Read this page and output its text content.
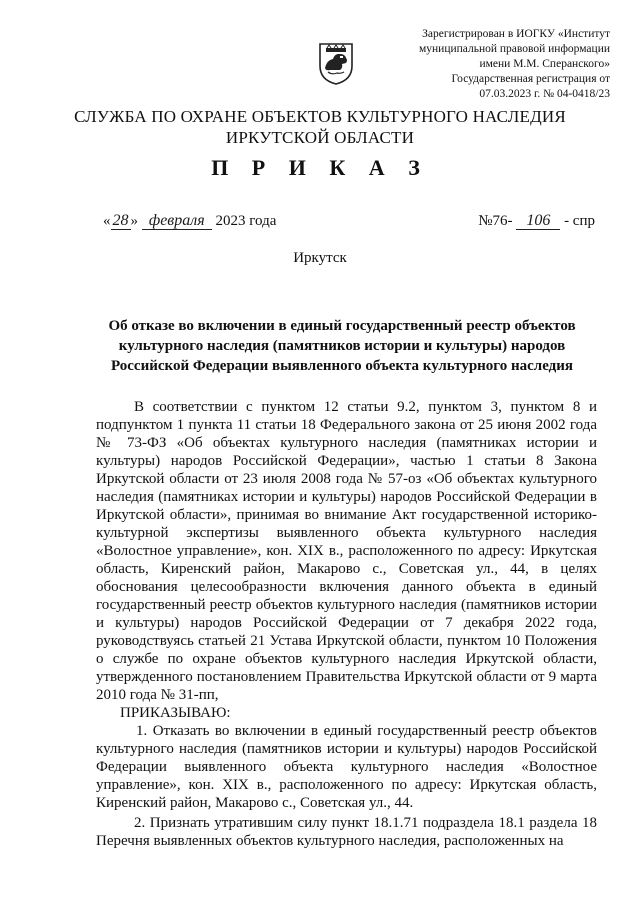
Зарегистрирован в ИОГКУ «Институт

муниципальной правовой информации

имени М.М. Сперанского»

Государственная регистрация от

07.03.2023 г. № 04-0418/23

СЛУЖБА ПО ОХРАНЕ ОБЪЕКТОВ КУЛЬТУРНОГО НАСЛЕДИЯ
ИРКУТСКОЙ ОБЛАСТИ
П Р И К А З
« 28 » февраля 2023 года	№76- 106 - спр
Иркутск
Об отказе во включении в единый государственный реестр объектов культурного наследия (памятников истории и культуры) народов Российской Федерации выявленного объекта культурного наследия

В соответствии с пунктом 12 статьи 9.2, пунктом 3, пунктом 8 и подпунктом 1 пункта 11 статьи 18 Федерального закона от 25 июня 2002 года № 73-ФЗ «Об объектах культурного наследия (памятниках истории и культуры) народов Российской Федерации», частью 1 статьи 8 Закона Иркутской области от 23 июля 2008 года № 57-оз «Об объектах культурного наследия (памятниках истории и культуры) народов Российской Федерации в Иркутской области», принимая во внимание Акт государственной историко-культурной экспертизы выявленного объекта культурного наследия «Волостное управление», кон. XIX в., расположенного по адресу: Иркутская область, Киренский район, Макарово с., Советская ул., 44, в целях обоснования целесообразности включения данного объекта в единый государственный реестр объектов культурного наследия (памятников истории и культуры) народов Российской Федерации от 7 декабря 2022 года, руководствуясь статьей 21 Устава Иркутской области, пунктом 10 Положения о службе по охране объектов культурного наследия Иркутской области, утвержденного постановлением Правительства Иркутской области от 9 марта 2010 года № 31-пп,

ПРИКАЗЫВАЮ:

1. Отказать во включении в единый государственный реестр объектов культурного наследия (памятников истории и культуры) народов Российской Федерации выявленного объекта культурного наследия «Волостное управление», кон. XIX в., расположенного по адресу: Иркутская область, Киренский район, Макарово с., Советская ул., 44.

2. Признать утратившим силу пункт 18.1.71 подраздела 18.1 раздела 18 Перечня выявленных объектов культурного наследия, расположенных на
